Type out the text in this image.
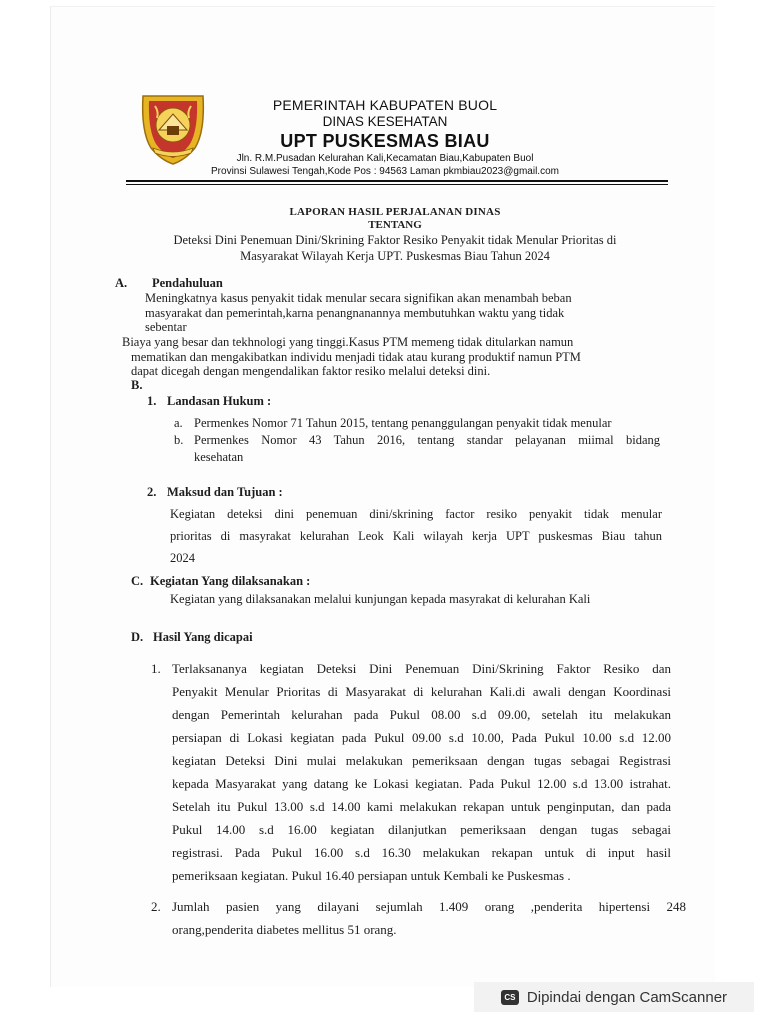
PEMERINTAH KABUPATEN BUOL
DINAS KESEHATAN
UPT PUSKESMAS BIAU
Jln. R.M.Pusadan Kelurahan Kali,Kecamatan Biau,Kabupaten Buol
Provinsi Sulawesi Tengah,Kode Pos : 94563 Laman pkmbiau2023@gmail.com
LAPORAN HASIL PERJALANAN DINAS
TENTANG
Deteksi Dini Penemuan Dini/Skrining Faktor Resiko Penyakit tidak Menular Prioritas di
Masyarakat Wilayah Kerja UPT. Puskesmas Biau Tahun 2024
A. Pendahuluan
Meningkatnya kasus penyakit tidak menular secara signifikan akan menambah beban
masyarakat dan pemerintah,karna penangnanannya membutuhkan waktu yang tidak
sebentar
Biaya yang besar dan tekhnologi yang tinggi.Kasus PTM memeng tidak ditularkan namun
mematikan dan mengakibatkan individu menjadi tidak atau kurang produktif namun PTM
dapat dicegah dengan mengendalikan faktor resiko melalui deteksi dini.
B.
1. Landasan Hukum :
a. Permenkes Nomor 71 Tahun 2015, tentang penanggulangan penyakit tidak menular
b. Permenkes Nomor 43 Tahun 2016, tentang standar pelayanan miimal bidang
kesehatan
2. Maksud dan Tujuan :
Kegiatan deteksi dini penemuan dini/skrining factor resiko penyakit tidak menular
prioritas di masyrakat kelurahan Leok Kali wilayah kerja UPT puskesmas Biau tahun
2024
C. Kegiatan Yang dilaksanakan :
Kegiatan yang dilaksanakan melalui kunjungan kepada masyrakat di kelurahan Kali
D. Hasil Yang dicapai
1. Terlaksananya kegiatan Deteksi Dini Penemuan Dini/Skrining Faktor Resiko dan
Penyakit Menular Prioritas di Masyarakat di kelurahan Kali.di awali dengan Koordinasi
dengan Pemerintah kelurahan pada Pukul 08.00 s.d 09.00, setelah itu melakukan
persiapan di Lokasi kegiatan pada Pukul 09.00 s.d 10.00, Pada Pukul 10.00 s.d 12.00
kegiatan Deteksi Dini mulai melakukan pemeriksaan dengan tugas sebagai Registrasi
kepada Masyarakat yang datang ke Lokasi kegiatan. Pada Pukul 12.00 s.d 13.00 istrahat.
Setelah itu Pukul 13.00 s.d 14.00 kami melakukan rekapan untuk penginputan, dan pada
Pukul 14.00 s.d 16.00 kegiatan dilanjutkan pemeriksaan dengan tugas sebagai
registrasi. Pada Pukul 16.00 s.d 16.30 melakukan rekapan untuk di input hasil
pemeriksaan kegiatan. Pukul 16.40 persiapan untuk Kembali ke Puskesmas .
2. Jumlah pasien yang dilayani sejumlah 1.409 orang ,penderita hipertensi 248
orang,penderita diabetes mellitus 51 orang.
CS Dipindai dengan CamScanner
